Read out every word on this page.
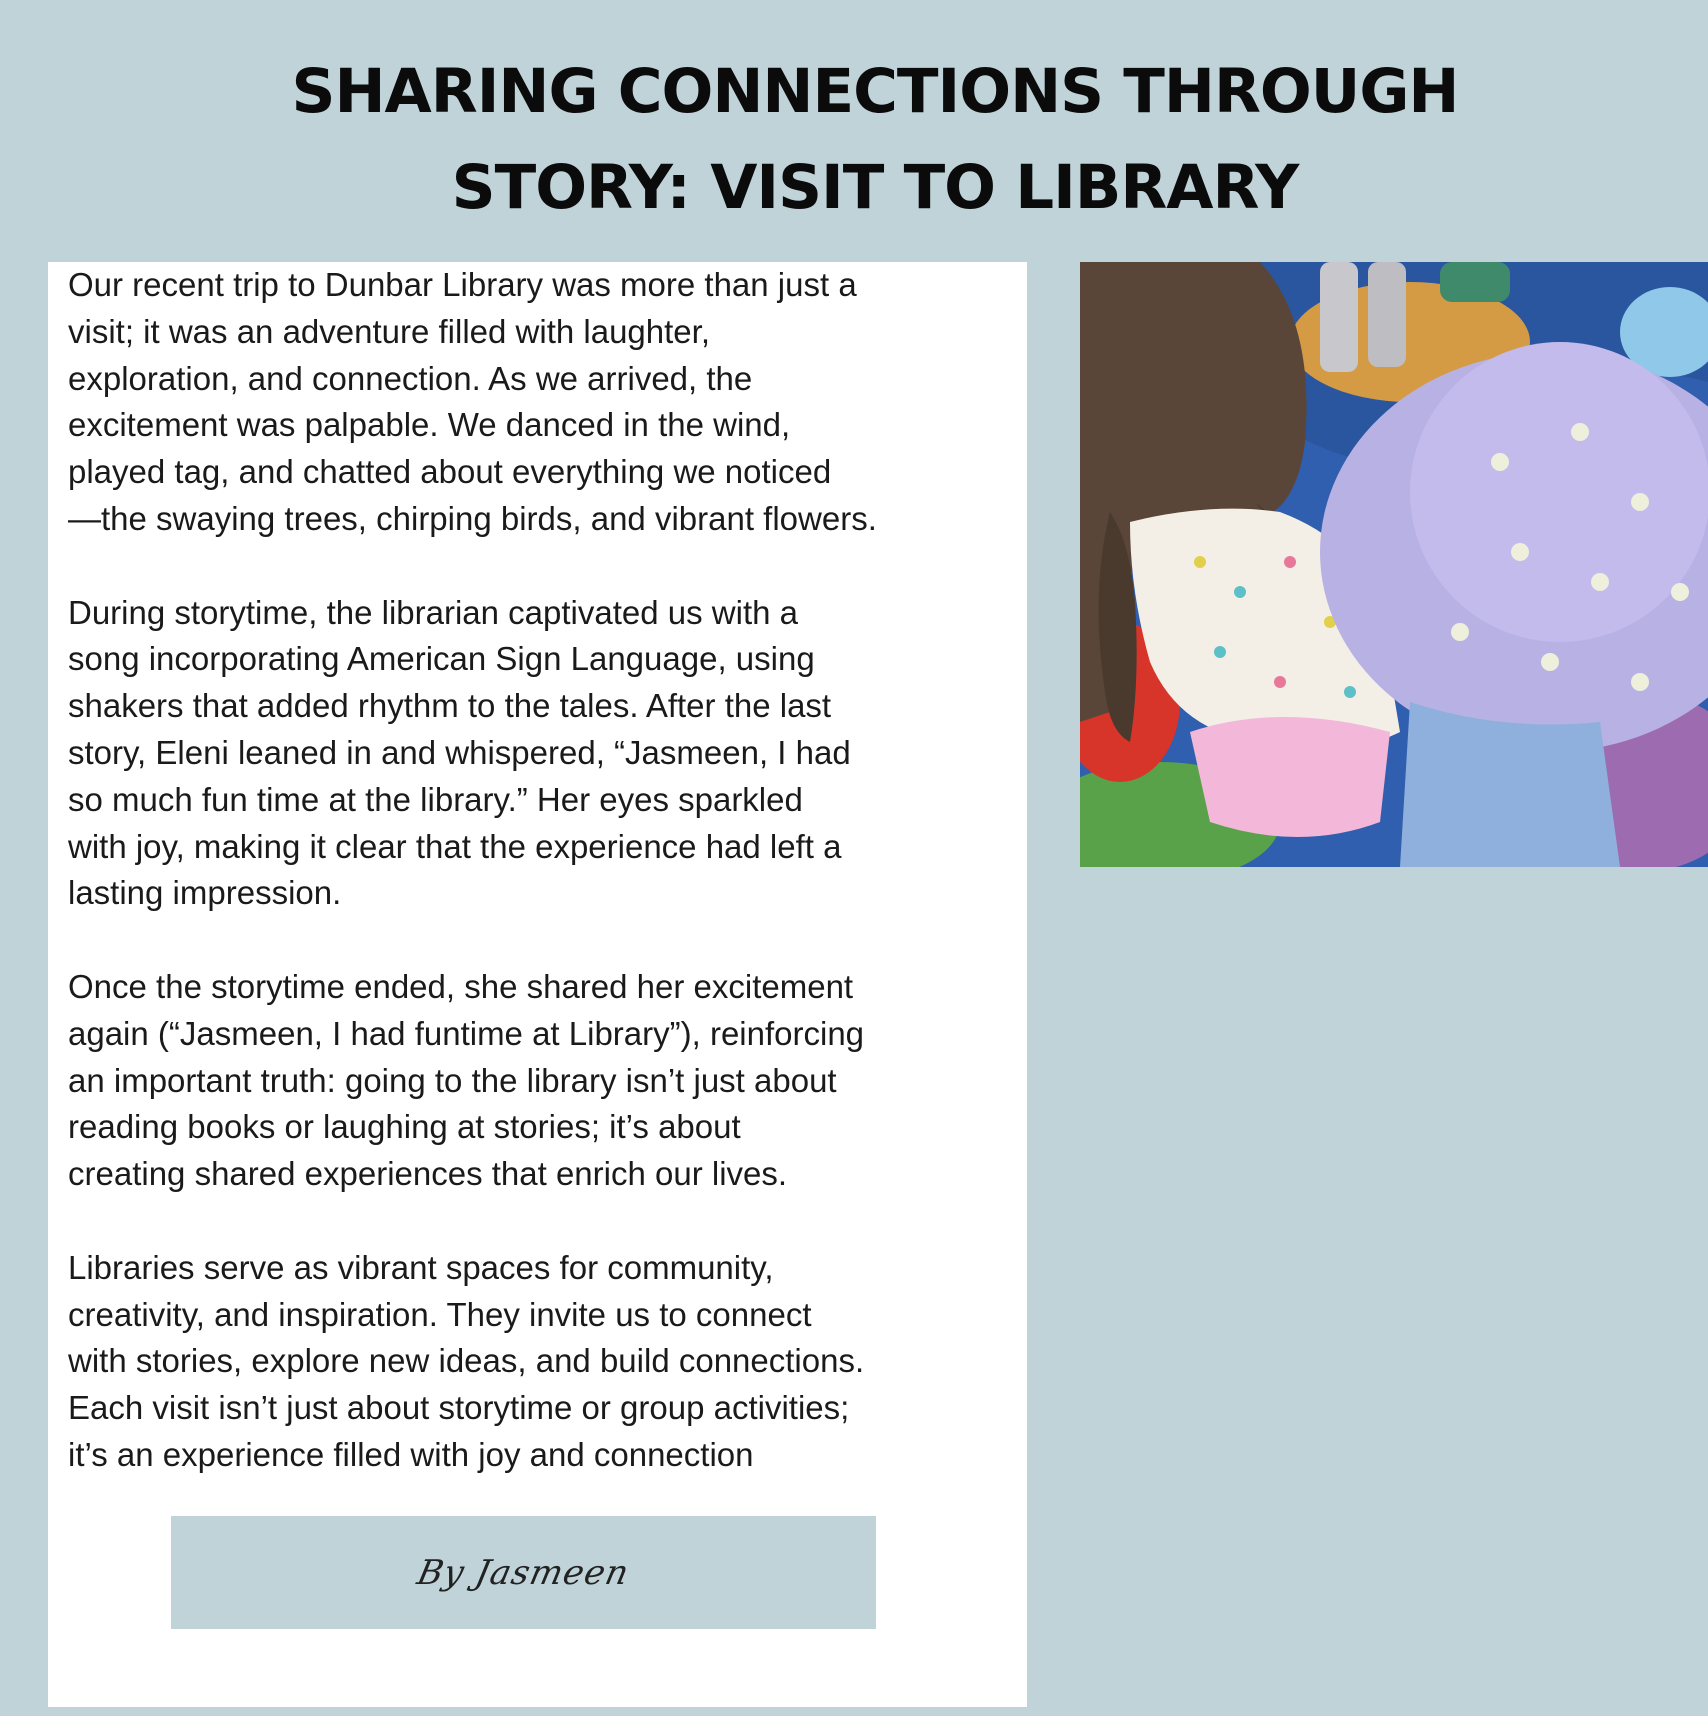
SHARING CONNECTIONS THROUGH
STORY: VISIT TO LIBRARY

Our recent trip to Dunbar Library was more than just a
visit; it was an adventure filled with laughter,
exploration, and connection. As we arrived, the
excitement was palpable. We danced in the wind,
played tag, and chatted about everything we noticed
—the swaying trees, chirping birds, and vibrant flowers.

During storytime, the librarian captivated us with a
song incorporating American Sign Language, using
shakers that added rhythm to the tales. After the last
story, Eleni leaned in and whispered, “Jasmeen, I had
so much fun time at the library.” Her eyes sparkled
with joy, making it clear that the experience had left a
lasting impression.

Once the storytime ended, she shared her excitement
again (“Jasmeen, I had funtime at Library”), reinforcing
an important truth: going to the library isn’t just about
reading books or laughing at stories; it’s about
creating shared experiences that enrich our lives.

Libraries serve as vibrant spaces for community,
creativity, and inspiration. They invite us to connect
with stories, explore new ideas, and build connections.
Each visit isn’t just about storytime or group activities;
it’s an experience filled with joy and connection

By Jasmeen
